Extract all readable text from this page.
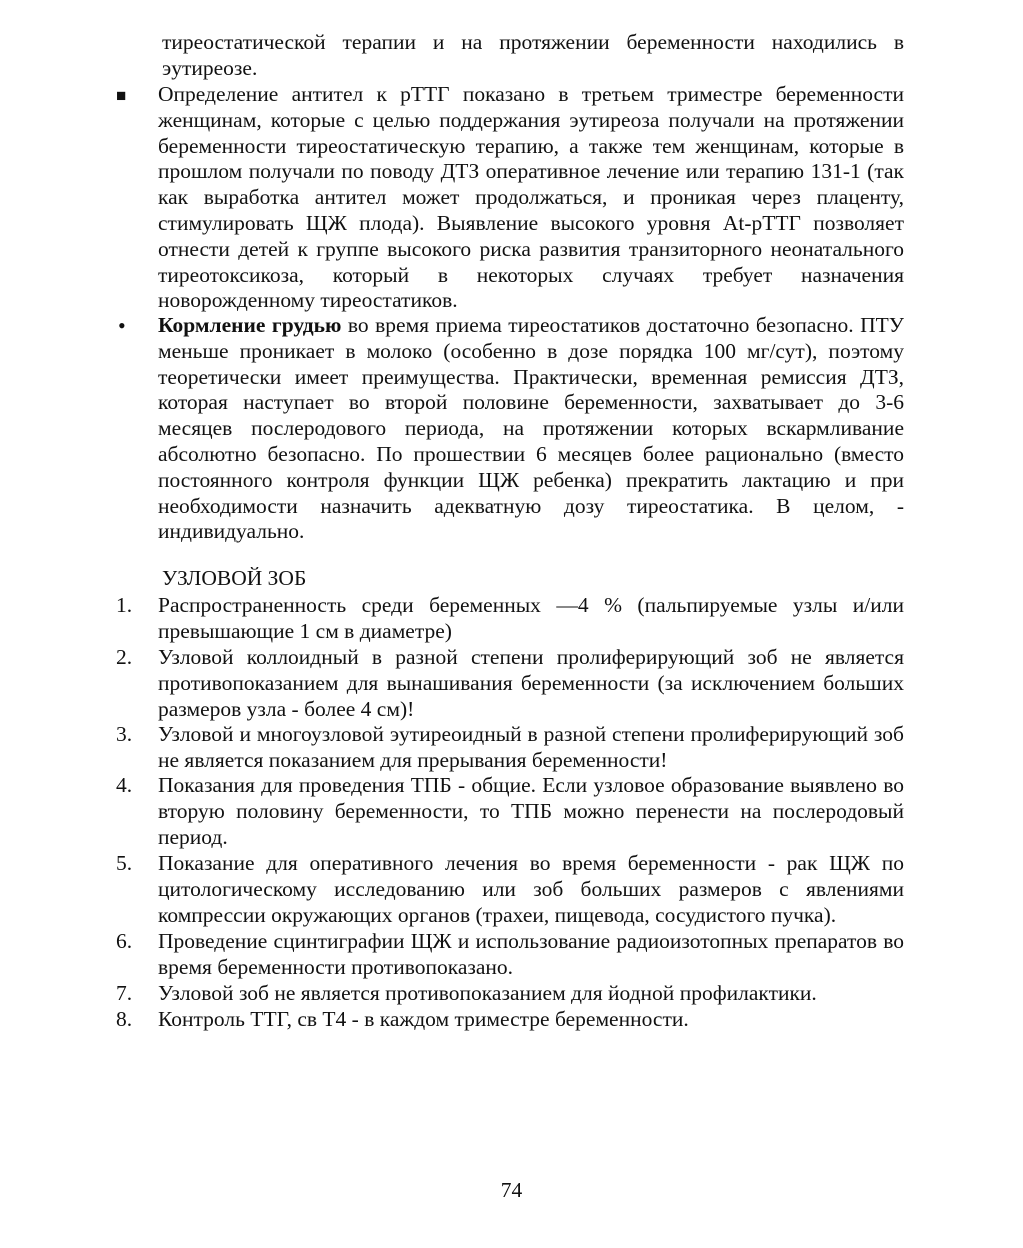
тиреостатической терапии и на протяжении беременности находились в эутиреозе.
■	Определение антител к рТТГ показано в третьем триместре беременности женщинам, которые с целью поддержания эутиреоза получали на протяжении беременности тиреостатическую терапию, а также тем женщинам, которые в прошлом получали по поводу ДТЗ оперативное лечение или терапию 131-1 (так как выработка антител может продолжаться, и проникая через плаценту, стимулировать ЩЖ плода). Выявление высокого уровня At-рТТГ позволяет отнести детей к группе высокого риска развития транзиторного неонатального тиреотоксикоза, который в некоторых случаях требует назначения новорожденному тиреостатиков.
•	Кормление грудью во время приема тиреостатиков достаточно безопасно. ПТУ меньше проникает в молоко (особенно в дозе порядка 100 мг/сут), поэтому теоретически имеет преимущества. Практически, временная ремиссия ДТЗ, которая наступает во второй половине беременности, захватывает до 3-6 месяцев послеродового периода, на протяжении которых вскармливание абсолютно безопасно. По прошествии 6 месяцев более рационально (вместо постоянного контроля функции ЩЖ ребенка) прекратить лактацию и при необходимости назначить адекватную дозу тиреостатика. В целом, - индивидуально.
УЗЛОВОЙ ЗОБ
1.	Распространенность среди беременных —4 % (пальпируемые узлы и/или превышающие 1 см в диаметре)
2.	Узловой коллоидный в разной степени пролиферирующий зоб не является противопоказанием для вынашивания беременности (за исключением больших размеров узла - более 4 см)!
3.	Узловой и многоузловой эутиреоидный в разной степени пролиферирующий зоб не является показанием для прерывания беременности!
4.	Показания для проведения ТПБ - общие. Если узловое образование выявлено во вторую половину беременности, то ТПБ можно перенести на послеродовый период.
5.	Показание для оперативного лечения во время беременности - рак ЩЖ по цитологическому исследованию или зоб больших размеров с явлениями компрессии окружающих органов (трахеи, пищевода, сосудистого пучка).
6.	Проведение сцинтиграфии ЩЖ и использование радиоизотопных препаратов во время беременности противопоказано.
7.	Узловой зоб не является противопоказанием для йодной профилактики.
8.	Контроль ТТГ, св Т4 - в каждом триместре беременности.
74
